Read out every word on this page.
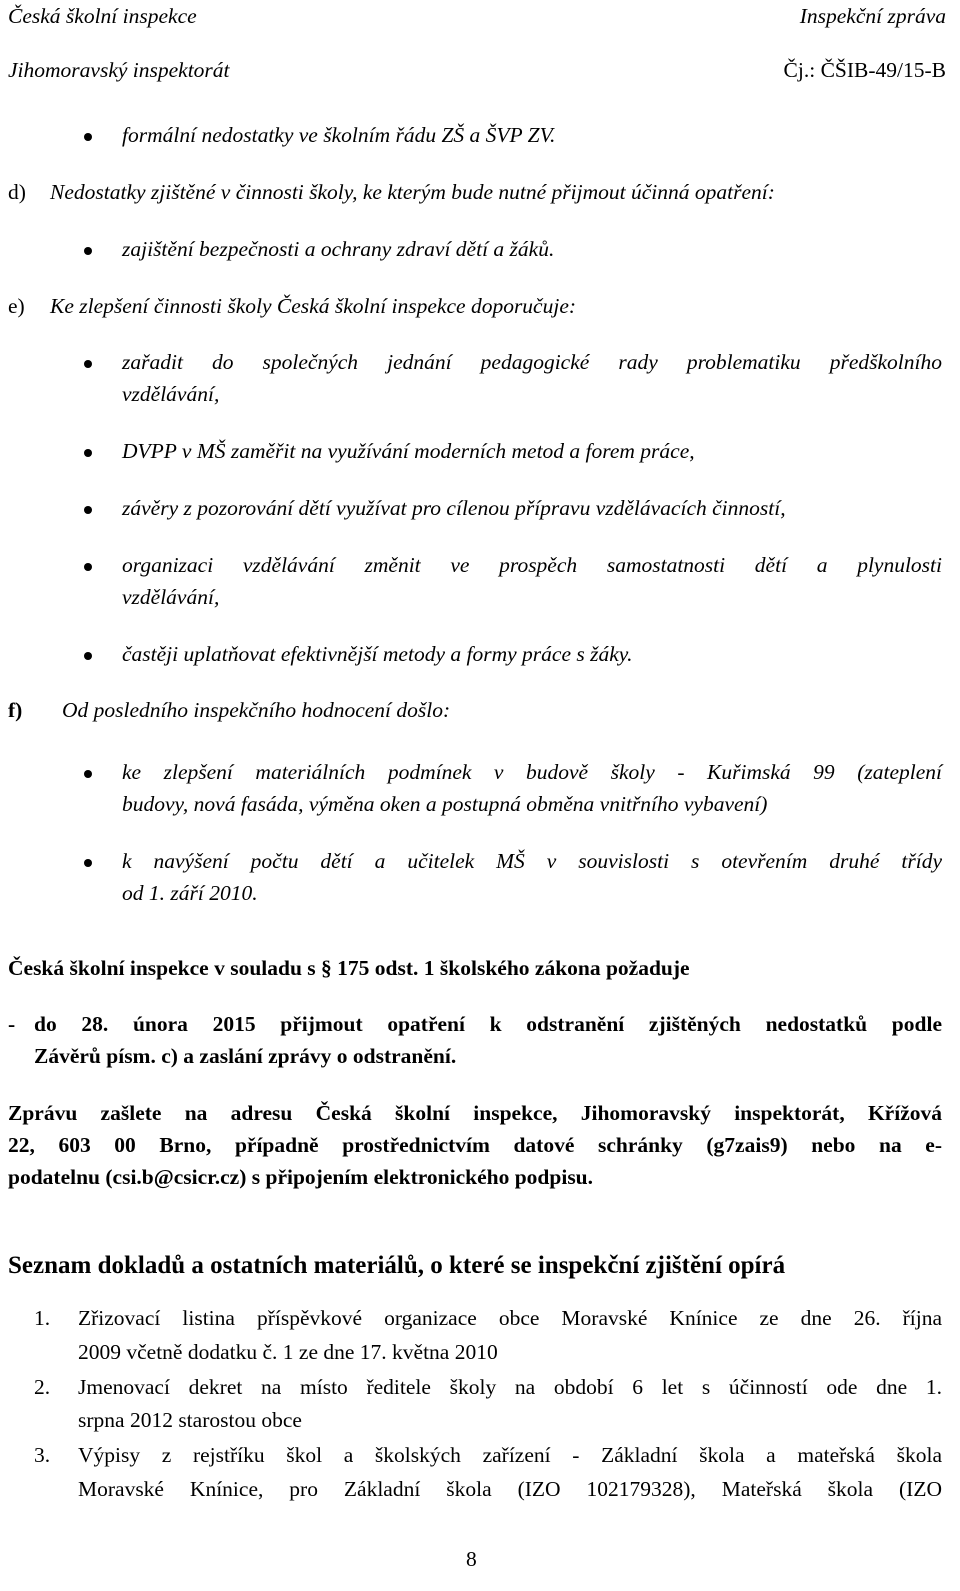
Česká školní inspekce
Jihomoravský inspektorát
Inspekční zpráva
Čj.: ČŠIB-49/15-B
formální nedostatky ve školním řádu ZŠ a ŠVP ZV.
d) Nedostatky zjištěné v činnosti školy, ke kterým bude nutné přijmout účinná opatření:
zajištění bezpečnosti a ochrany zdraví dětí a žáků.
e) Ke zlepšení činnosti školy Česká školní inspekce doporučuje:
zařadit do společných jednání pedagogické rady problematiku předškolního
vzdělávání,
DVPP v MŠ zaměřit na využívání moderních metod a forem práce,
závěry z pozorování dětí využívat pro cílenou přípravu vzdělávacích činností,
organizaci vzdělávání změnit ve prospěch samostatnosti dětí a plynulosti
vzdělávání,
častěji uplatňovat efektivnější metody a formy práce s žáky.
f) Od posledního inspekčního hodnocení došlo:
ke zlepšení materiálních podmínek v budově školy - Kuřimská 99 (zateplení
budovy, nová fasáda, výměna oken a postupná obměna vnitřního vybavení)
k navýšení počtu dětí a učitelek MŠ v souvislosti s otevřením druhé třídy
od 1. září 2010.
Česká školní inspekce v souladu s § 175 odst. 1 školského zákona požaduje
- do 28. února 2015 přijmout opatření k odstranění zjištěných nedostatků podle
Závěrů písm. c) a zaslání zprávy o odstranění.
Zprávu zašlete na adresu Česká školní inspekce, Jihomoravský inspektorát, Křížová
22, 603 00 Brno, případně prostřednictvím datové schránky (g7zais9) nebo na e-
podatelnu (csi.b@csicr.cz) s připojením elektronického podpisu.
Seznam dokladů a ostatních materiálů, o které se inspekční zjištění opírá
1. Zřizovací listina příspěvkové organizace obce Moravské Knínice ze dne 26. října
2009 včetně dodatku č. 1 ze dne 17. května 2010
2. Jmenovací dekret na místo ředitele školy na období 6 let s účinností ode dne 1.
srpna 2012 starostou obce
3. Výpisy z rejstříku škol a školských zařízení - Základní škola a mateřská škola
Moravské Knínice, pro Základní škola (IZO 102179328), Mateřská škola (IZO
8
